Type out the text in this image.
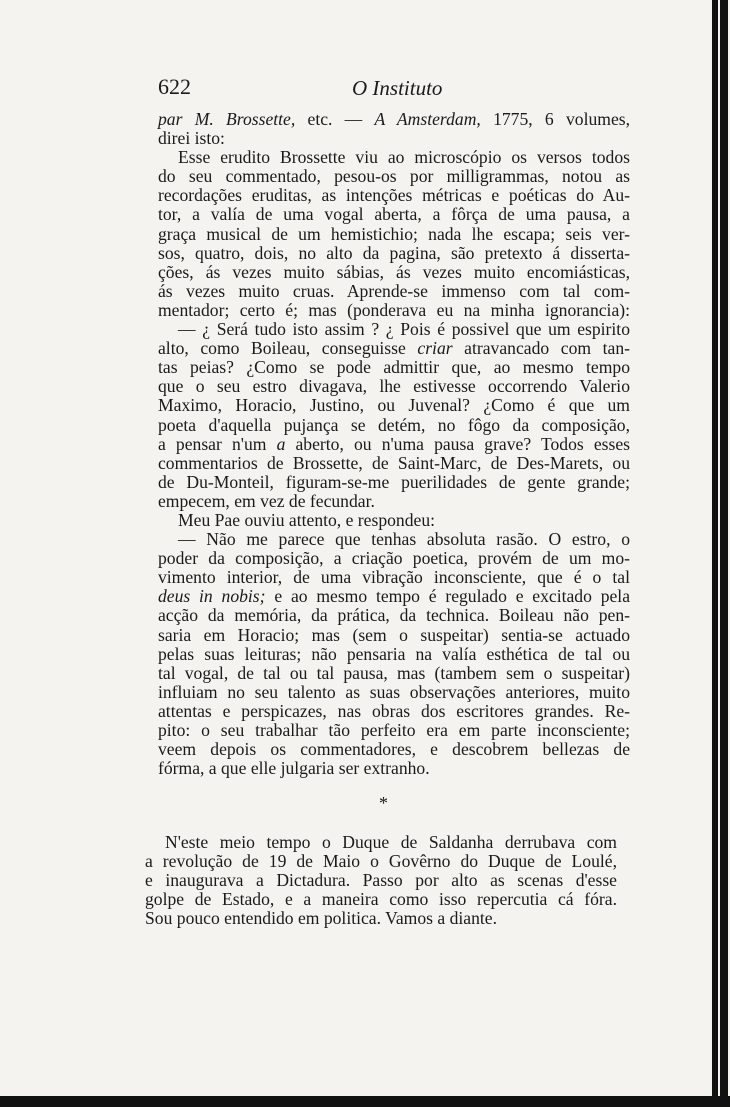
622	O Instituto
par M. Brossette, etc. — A Amsterdam, 1775, 6 volumes,
direi isto:
Esse erudito Brossette viu ao microscópio os versos todos
do seu commentado, pesou-os por milligrammas, notou as
recordações eruditas, as intenções métricas e poéticas do Au-
tor, a valía de uma vogal aberta, a fôrça de uma pausa, a
graça musical de um hemistichio; nada lhe escapa; seis ver-
sos, quatro, dois, no alto da pagina, são pretexto á disserta-
ções, ás vezes muito sábias, ás vezes muito encomiásticas,
ás vezes muito cruas. Aprende-se immenso com tal com-
mentador; certo é; mas (ponderava eu na minha ignorancia):
— ¿ Será tudo isto assim ? ¿ Pois é possivel que um espirito
alto, como Boileau, conseguisse criar atravancado com tan-
tas peias? ¿Como se pode admittir que, ao mesmo tempo
que o seu estro divagava, lhe estivesse occorrendo Valerio
Maximo, Horacio, Justino, ou Juvenal? ¿Como é que um
poeta d'aquella pujança se detém, no fôgo da composição,
a pensar n'um a aberto, ou n'uma pausa grave? Todos esses
commentarios de Brossette, de Saint-Marc, de Des-Marets, ou
de Du-Monteil, figuram-se-me puerilidades de gente grande;
empecem, em vez de fecundar.
Meu Pae ouviu attento, e respondeu:
— Não me parece que tenhas absoluta rasão. O estro, o
poder da composição, a criação poetica, provém de um mo-
vimento interior, de uma vibração inconsciente, que é o tal
deus in nobis; e ao mesmo tempo é regulado e excitado pela
acção da memória, da prática, da technica. Boileau não pen-
saria em Horacio; mas (sem o suspeitar) sentia-se actuado
pelas suas leituras; não pensaria na valía esthética de tal ou
tal vogal, de tal ou tal pausa, mas (tambem sem o suspeitar)
influiam no seu talento as suas observações anteriores, muito
attentas e perspicazes, nas obras dos escritores grandes. Re-
pito: o seu trabalhar tão perfeito era em parte inconsciente;
veem depois os commentadores, e descobrem bellezas de
fórma, a que elle julgaria ser extranho.
*
N'este meio tempo o Duque de Saldanha derrubava com
a revolução de 19 de Maio o Govêrno do Duque de Loulé,
e inaugurava a Dictadura. Passo por alto as scenas d'esse
golpe de Estado, e a maneira como isso repercutia cá fóra.
Sou pouco entendido em politica. Vamos a diante.
